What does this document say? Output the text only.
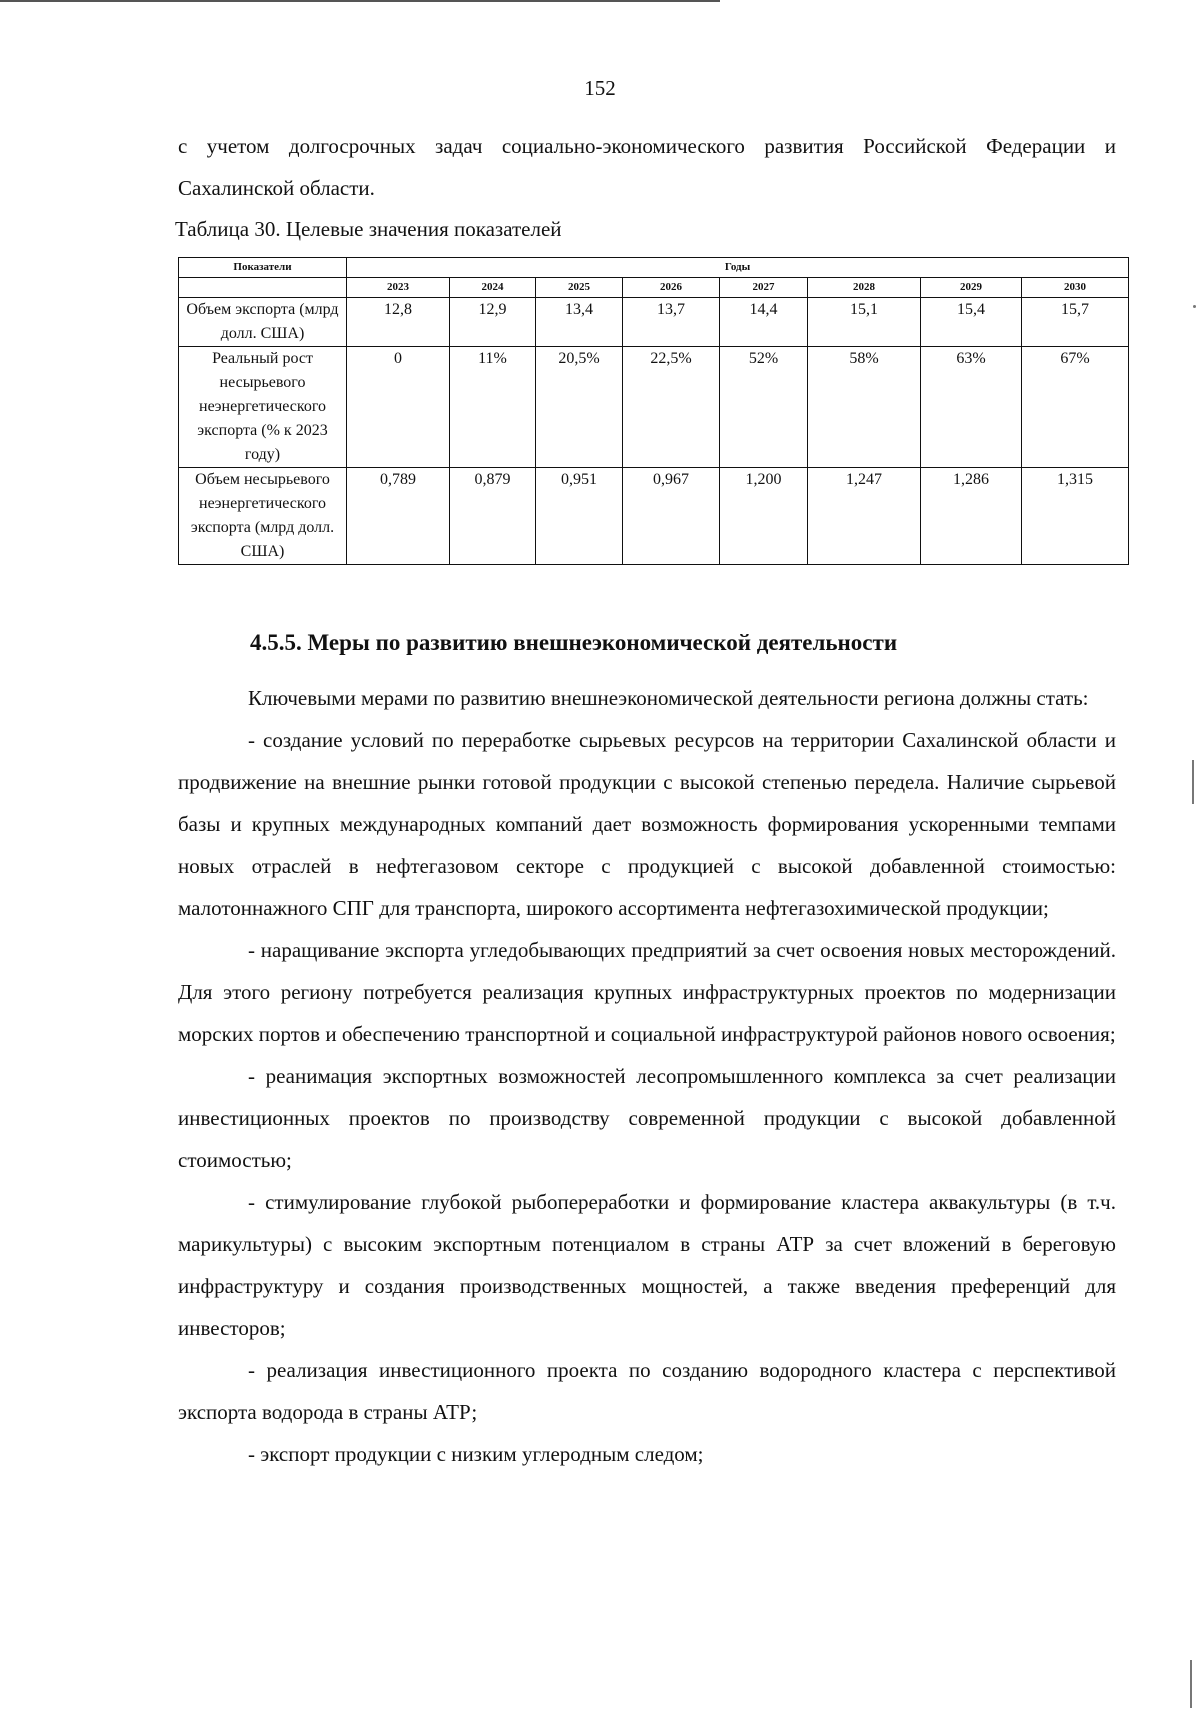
152
с учетом долгосрочных задач социально-экономического развития Российской Федерации и Сахалинской области.
Таблица 30. Целевые значения показателей
Показатели	Годы							
	2023	2024	2025	2026	2027	2028	2029	2030
Объем экспорта (млрд долл. США)	12,8	12,9	13,4	13,7	14,4	15,1	15,4	15,7
Реальный рост несырьевого неэнергетического экспорта (% к 2023 году)	0	11%	20,5%	22,5%	52%	58%	63%	67%
Объем несырьевого неэнергетического экспорта (млрд долл. США)	0,789	0,879	0,951	0,967	1,200	1,247	1,286	1,315
4.5.5. Меры по развитию внешнеэкономической деятельности

Ключевыми мерами по развитию внешнеэкономической деятельности региона должны стать:

- создание условий по переработке сырьевых ресурсов на территории Сахалинской области и продвижение на внешние рынки готовой продукции с высокой степенью передела. Наличие сырьевой базы и крупных международных компаний дает возможность формирования ускоренными темпами новых отраслей в нефтегазовом секторе с продукцией с высокой добавленной стоимостью: малотоннажного СПГ для транспорта, широкого ассортимента нефтегазохимической продукции;

- наращивание экспорта угледобывающих предприятий за счет освоения новых месторождений. Для этого региону потребуется реализация крупных инфраструктурных проектов по модернизации морских портов и обеспечению транспортной и социальной инфраструктурой районов нового освоения;

- реанимация экспортных возможностей лесопромышленного комплекса за счет реализации инвестиционных проектов по производству современной продукции с высокой добавленной стоимостью;

- стимулирование глубокой рыбопереработки и формирование кластера аквакультуры (в т.ч. марикультуры) с высоким экспортным потенциалом в страны АТР за счет вложений в береговую инфраструктуру и создания производственных мощностей, а также введения преференций для инвесторов;

- реализация инвестиционного проекта по созданию водородного кластера с перспективой экспорта водорода в страны АТР;

- экспорт продукции с низким углеродным следом;
